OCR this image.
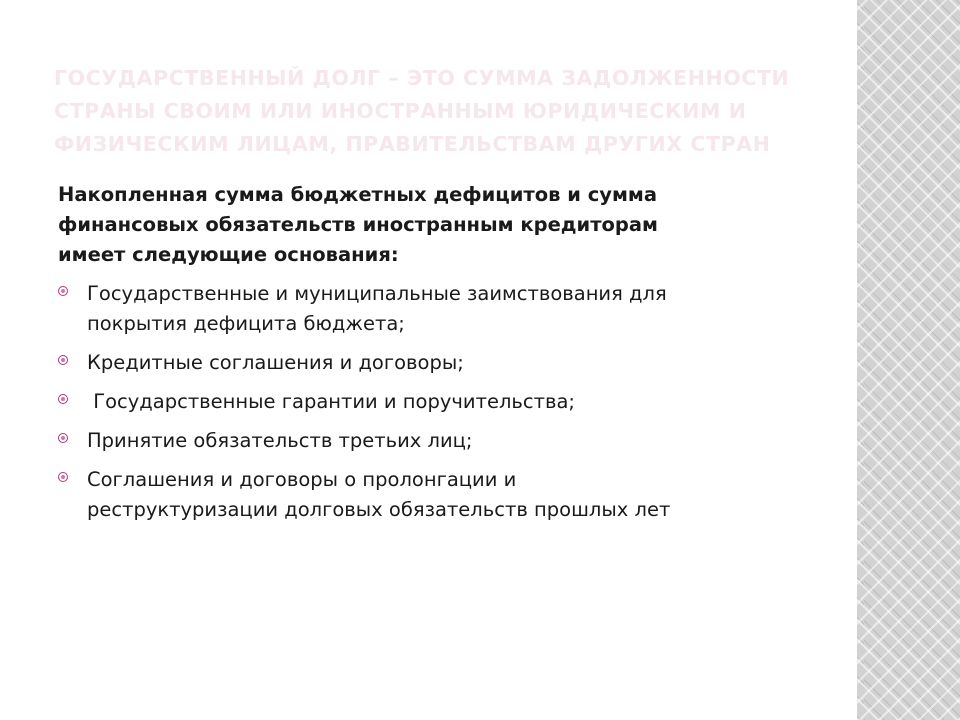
ГОСУДАРСТВЕННЫЙ ДОЛГ – ЭТО СУММА ЗАДОЛЖЕННОСТИ
СТРАНЫ СВОИМ ИЛИ ИНОСТРАННЫМ ЮРИДИЧЕСКИМ И
ФИЗИЧЕСКИМ ЛИЦАМ, ПРАВИТЕЛЬСТВАМ ДРУГИХ СТРАН

Накопленная сумма бюджетных дефицитов и сумма
финансовых обязательств иностранным кредиторам
имеет следующие основания:

Государственные и муниципальные заимствования для
покрытия дефицита бюджета;
Кредитные соглашения и договоры;
Государственные гарантии и поручительства;
Принятие обязательств третьих лиц;
Соглашения и договоры о пролонгации и
реструктуризации долговых обязательств прошлых лет
